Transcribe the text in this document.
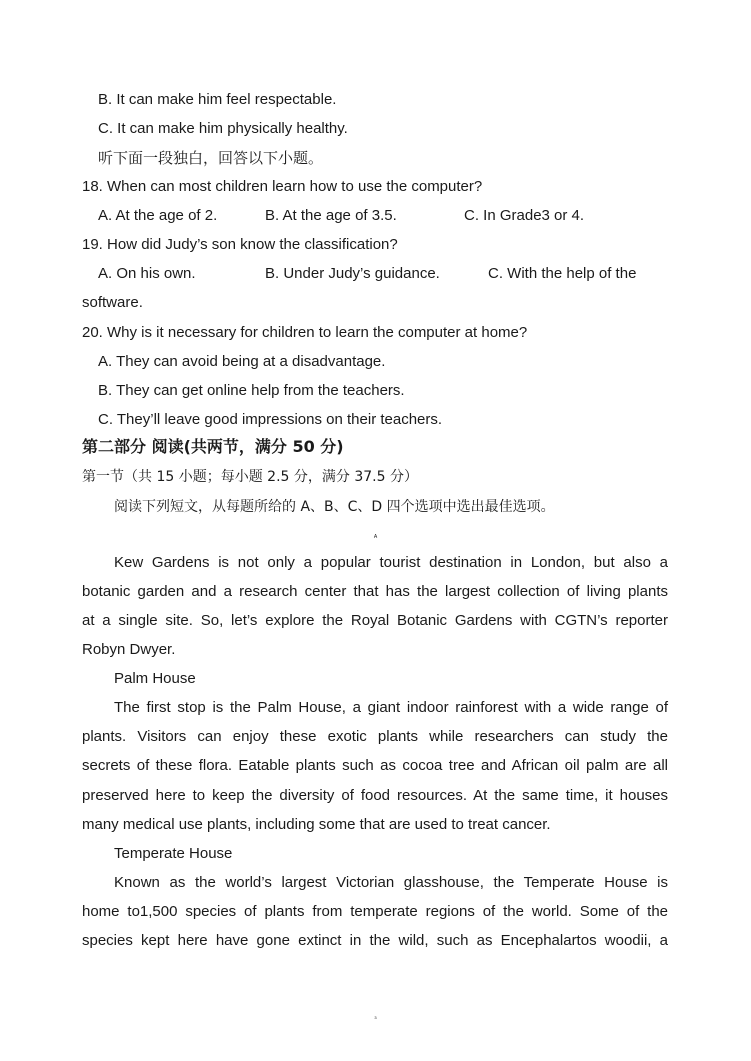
B. It can make him feel respectable.
C. It can make him physically healthy.
听下面一段独白，回答以下小题。
18. When can most children learn how to use the computer?
A. At the age of 2.	B. At the age of 3.5.	C. In Grade3 or 4.
19. How did Judy’s son know the classification?
A. On his own.	B. Under Judy’s guidance.	C. With the help of the
software.
20. Why is it necessary for children to learn the computer at home?
A. They can avoid being at a disadvantage.
B. They can get online help from the teachers.
C. They’ll leave good impressions on their teachers.
第二部分 阅读(共两节，满分 50 分)
第一节（共 15 小题；每小题 2.5 分，满分 37.5 分）
阅读下列短文，从每题所给的 A、B、C、D 四个选项中选出最佳选项。
A
Kew Gardens is not only a popular tourist destination in London, but also a
botanic garden and a research center that has the largest collection of living plants
at a single site. So, let’s explore the Royal Botanic Gardens with CGTN’s reporter
Robyn Dwyer.
Palm House
The first stop is the Palm House, a giant indoor rainforest with a wide range of
plants. Visitors can enjoy these exotic plants while researchers can study the
secrets of these flora. Eatable plants such as cocoa tree and African oil palm are all
preserved here to keep the diversity of food resources. At the same time, it houses
many medical use plants, including some that are used to treat cancer.
Temperate House
Known as the world’s largest Victorian glasshouse, the Temperate House is
home to1,500 species of plants from temperate regions of the world. Some of the
species kept here have gone extinct in the wild, such as Encephalartos woodii, a
3
